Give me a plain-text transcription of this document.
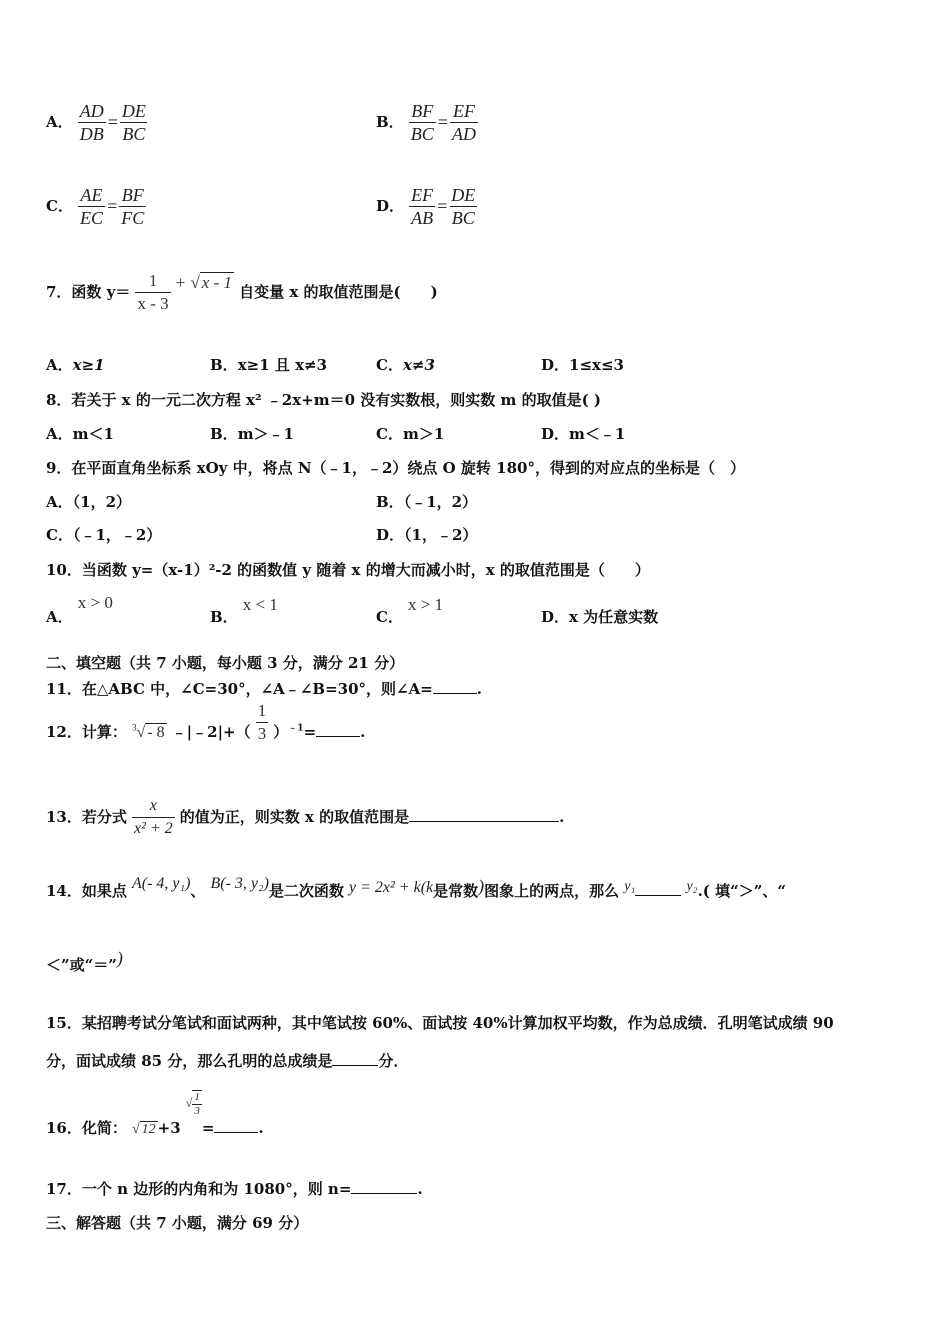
A． $\frac{AD}{DB} = \frac{DE}{BC}$	B． $\frac{BF}{BC} = \frac{EF}{AD}$
C． $\frac{AE}{EC} = \frac{BF}{FC}$	D． $\frac{EF}{AB} = \frac{DE}{BC}$
7．函数 $y= \frac{1}{x - 3}$ + √ x - 1 自变量 x 的取值范围是(　　)
A．x≥1	B．x≥1 且 x≠3	C．x≠3	D．1≤x≤3
8．若关于 x 的一元二次方程 x² ﹣2x+m＝0 没有实数根，则实数 m 的取值是( )
A．m＜1	B．m＞﹣1	C．m＞1	D．m＜﹣1
9．在平面直角坐标系 xOy 中，将点 N（﹣1，﹣2）绕点 O 旋转 180°，得到的对应点的坐标是（　）
A．（1，2）	B．（﹣1，2）
C．（﹣1，﹣2）	D．（1，﹣2）
10．当函数 y=（x-1）²-2 的函数值 y 随着 x 的增大而减小时，x 的取值范围是（　　）
A． x > 0
B． x < 1
C． x > 1
D．x 为任意实数
二、填空题（共 7 小题，每小题 3 分，满分 21 分）
11．在△ABC 中，∠C=30°，∠A﹣∠B=30°，则∠A=	.
12．计算： $^3$√ - 8 ﹣|﹣2|+（ $\frac{1}{3} )^{﹣1}=$	.
13．若分式 $\frac{x}{\text{x² + 2}}$ 的值为正，则实数 x 的取值范围是	.
14．如果点 A(- 4, y₁)、 B(- 3, y₂)是二次函数 y = 2x² + k(k是常数)图象上的两点，那么 y₁	y₂.( 填“＞”、“
＜”或“＝”)
15．某招聘考试分笔试和面试两种，其中笔试按 60%、面试按 40%计算加权平均数，作为总成绩．孔明笔试成绩 90
分，面试成绩 85 分，那么孔明的总成绩是	分．
16．化简： √ 12 +3 √ $\frac{1}{3}$
=	.
17．一个 n 边形的内角和为 1080°，则 n=	.
三、解答题（共 7 小题，满分 69 分）
